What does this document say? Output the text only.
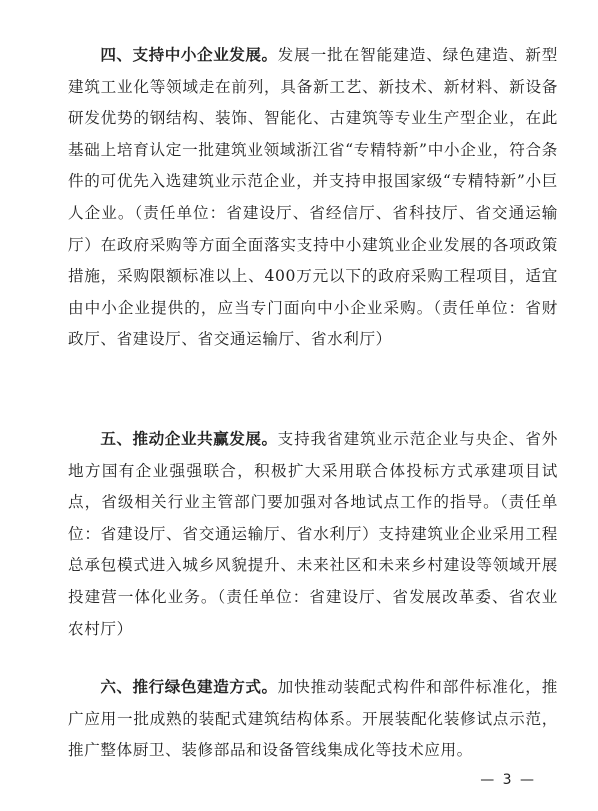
四、支持中小企业发展。发展一批在智能建造、绿色建造、新型建筑工业化等领域走在前列，具备新工艺、新技术、新材料、新设备研发优势的钢结构、装饰、智能化、古建筑等专业生产型企业，在此基础上培育认定一批建筑业领域浙江省“专精特新”中小企业，符合条件的可优先入选建筑业示范企业，并支持申报国家级“专精特新”小巨人企业。（责任单位：省建设厅、省经信厅、省科技厅、省交通运输厅）在政府采购等方面全面落实支持中小建筑业企业发展的各项政策措施，采购限额标准以上、400万元以下的政府采购工程项目，适宜由中小企业提供的，应当专门面向中小企业采购。（责任单位：省财政厅、省建设厅、省交通运输厅、省水利厅）

五、推动企业共赢发展。支持我省建筑业示范企业与央企、省外地方国有企业强强联合，积极扩大采用联合体投标方式承建项目试点，省级相关行业主管部门要加强对各地试点工作的指导。（责任单位：省建设厅、省交通运输厅、省水利厅）支持建筑业企业采用工程总承包模式进入城乡风貌提升、未来社区和未来乡村建设等领域开展投建营一体化业务。（责任单位：省建设厅、省发展改革委、省农业农村厅）

六、推行绿色建造方式。加快推动装配式构件和部件标准化，推广应用一批成熟的装配式建筑结构体系。开展装配化装修试点示范，推广整体厨卫、装修部品和设备管线集成化等技术应用。

— 3 —
